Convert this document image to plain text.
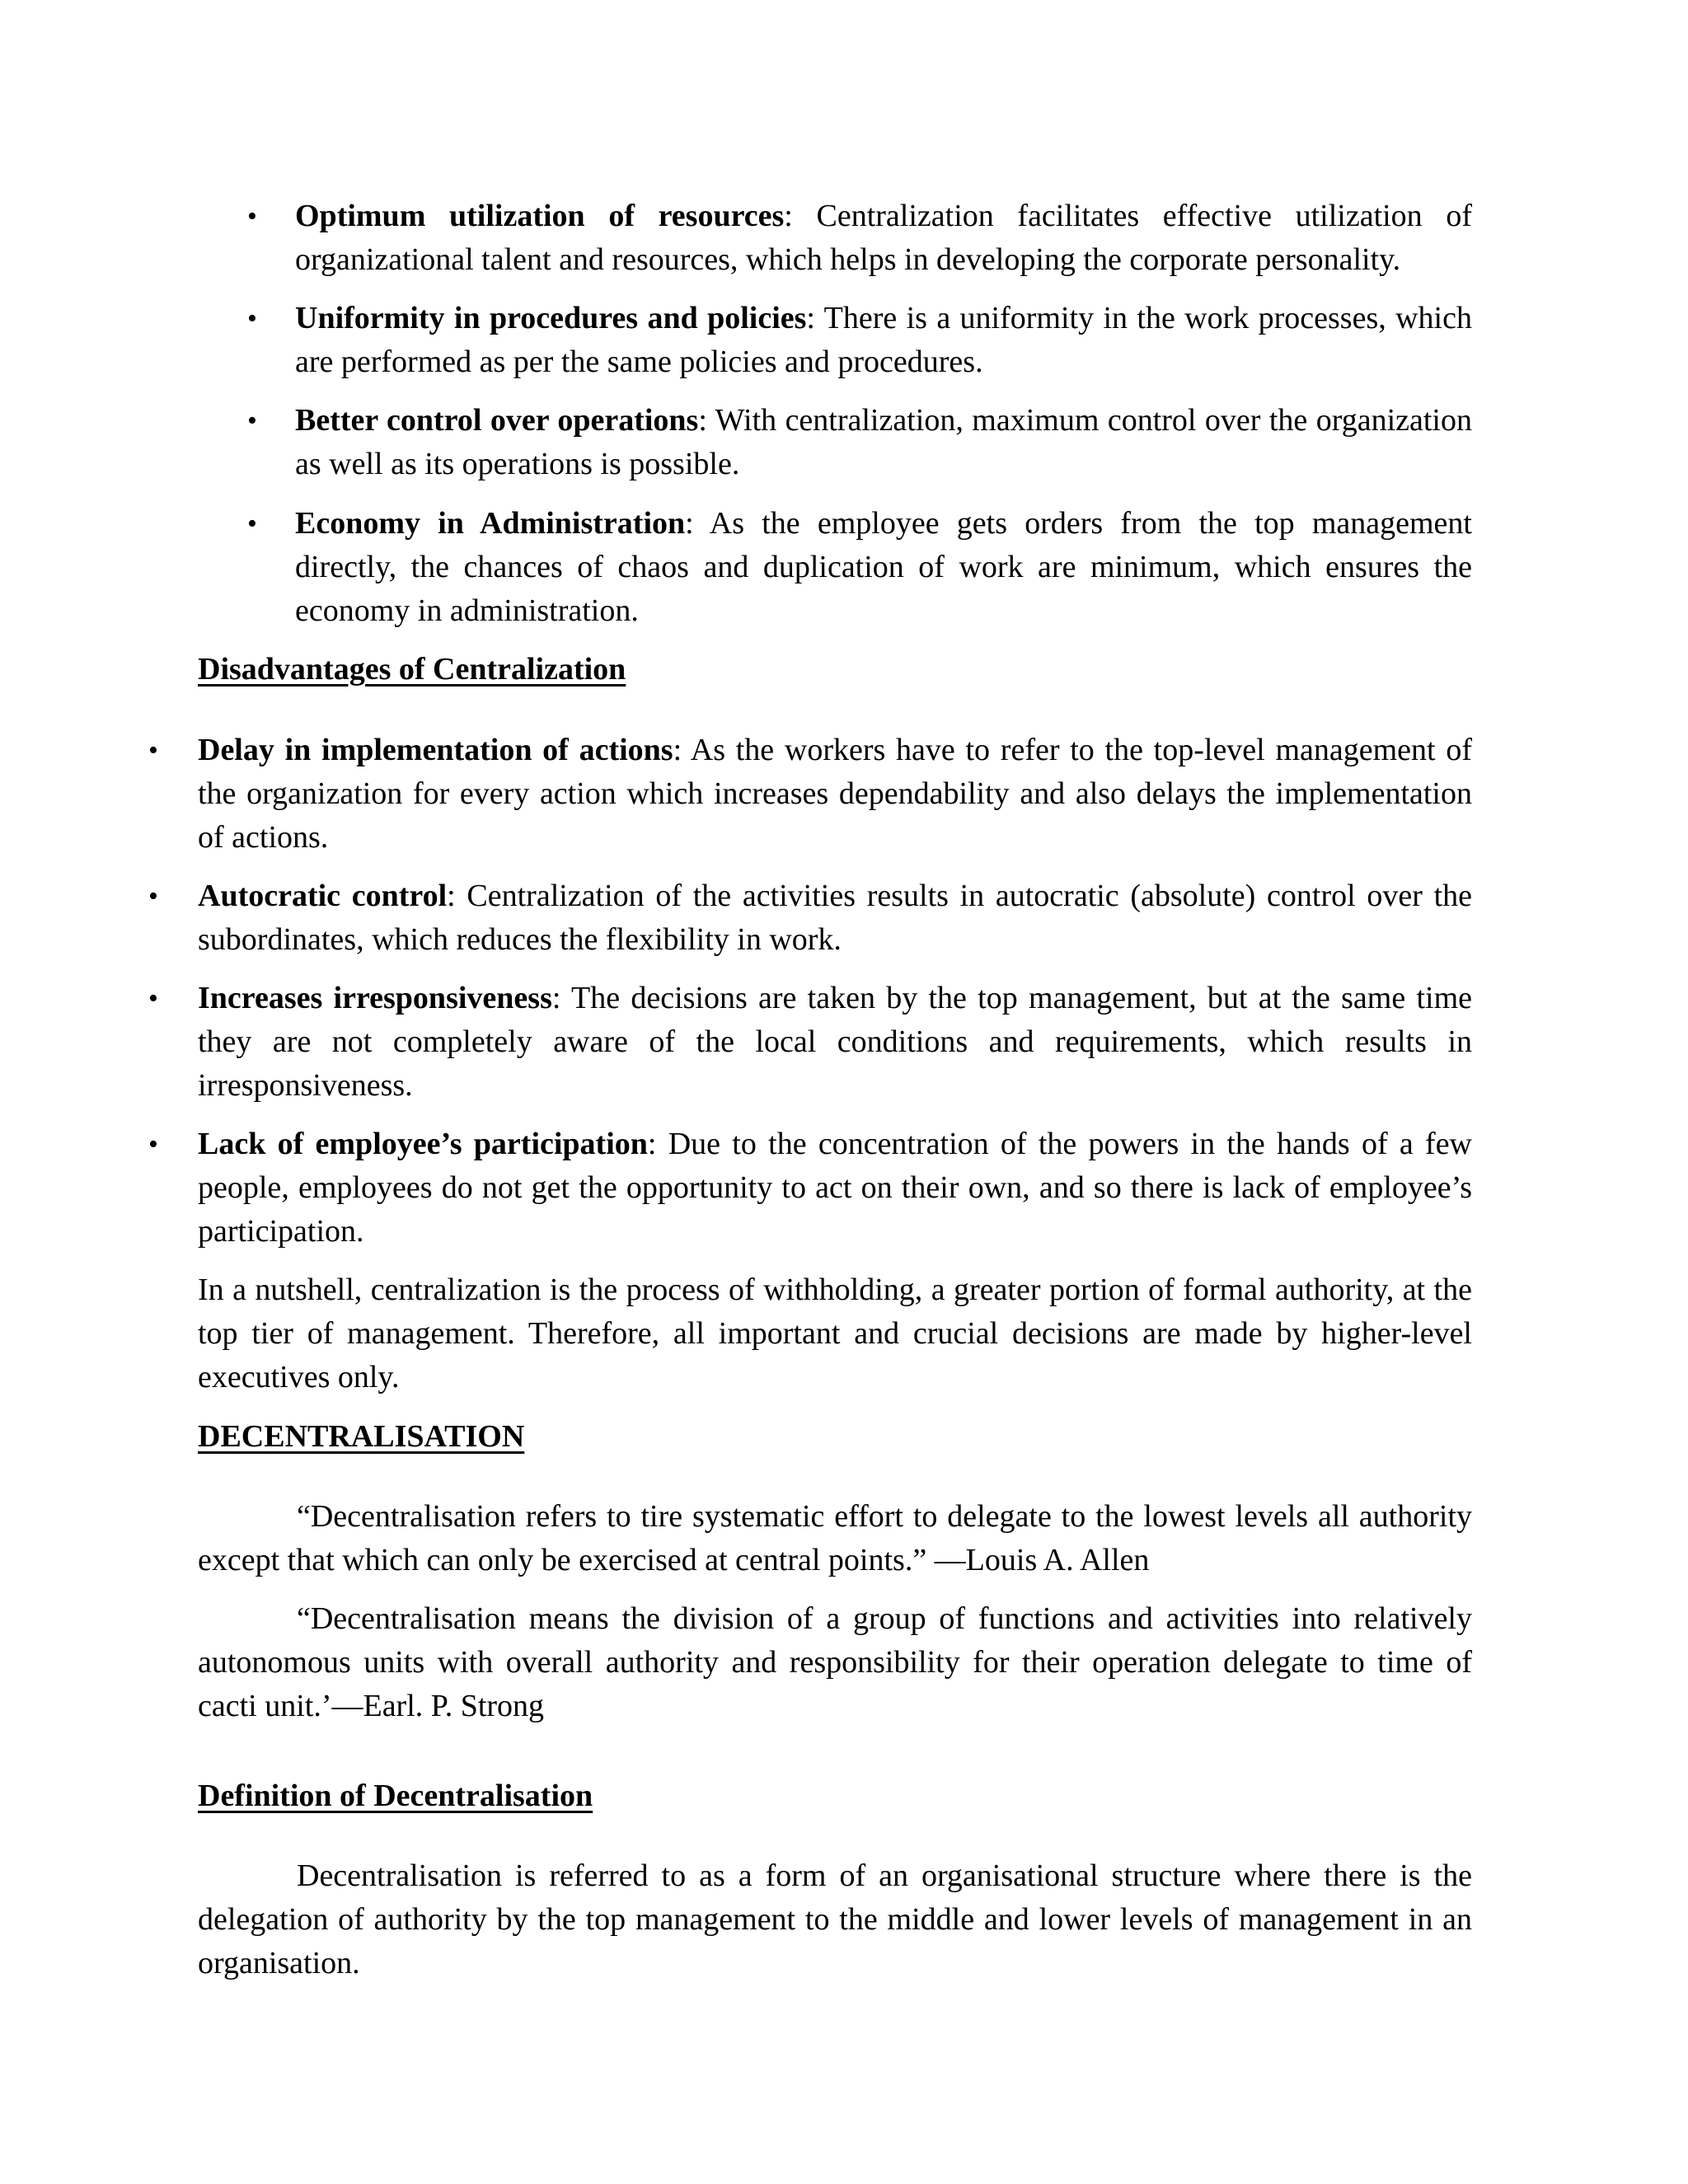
• Optimum utilization of resources: Centralization facilitates effective utilization of organizational talent and resources, which helps in developing the corporate personality.

• Uniformity in procedures and policies: There is a uniformity in the work processes, which are performed as per the same policies and procedures.

• Better control over operations: With centralization, maximum control over the organization as well as its operations is possible.

• Economy in Administration: As the employee gets orders from the top management directly, the chances of chaos and duplication of work are minimum, which ensures the economy in administration.

Disadvantages of Centralization
• Delay in implementation of actions: As the workers have to refer to the top-level management of the organization for every action which increases dependability and also delays the implementation of actions.

• Autocratic control: Centralization of the activities results in autocratic (absolute) control over the subordinates, which reduces the flexibility in work.

• Increases irresponsiveness: The decisions are taken by the top management, but at the same time they are not completely aware of the local conditions and requirements, which results in irresponsiveness.

• Lack of employee’s participation: Due to the concentration of the powers in the hands of a few people, employees do not get the opportunity to act on their own, and so there is lack of employee’s participation.

In a nutshell, centralization is the process of withholding, a greater portion of formal authority, at the top tier of management. Therefore, all important and crucial decisions are made by higher-level executives only.

DECENTRALISATION

“Decentralisation refers to tire systematic effort to delegate to the lowest levels all authority except that which can only be exercised at central points.” —Louis A. Allen

“Decentralisation means the division of a group of functions and activities into relatively autonomous units with overall authority and responsibility for their operation delegate to time of cacti unit.’—Earl. P. Strong

Definition of Decentralisation

Decentralisation is referred to as a form of an organisational structure where there is the delegation of authority by the top management to the middle and lower levels of management in an organisation.
